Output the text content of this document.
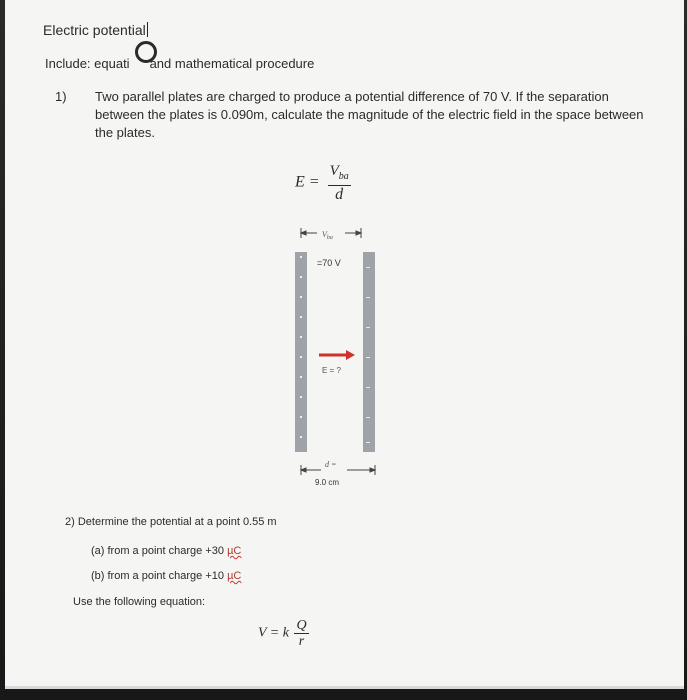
Electric potential
Include: equati and mathematical procedure
1) Two parallel plates are charged to produce a potential difference of 70 V. If the separation between the plates is 0.090m, calculate the magnitude of the electric field in the space between the plates.
$E = \frac{V_{ba}}{d}$
$V_{ba}$
=70 V
E = ?
d =
9.0 cm
2) Determine the potential at a point 0.55 m
(a) from a point charge +30 µC
(b) from a point charge +10 µC
Use the following equation:
V = k $\frac{Q}{r}$
